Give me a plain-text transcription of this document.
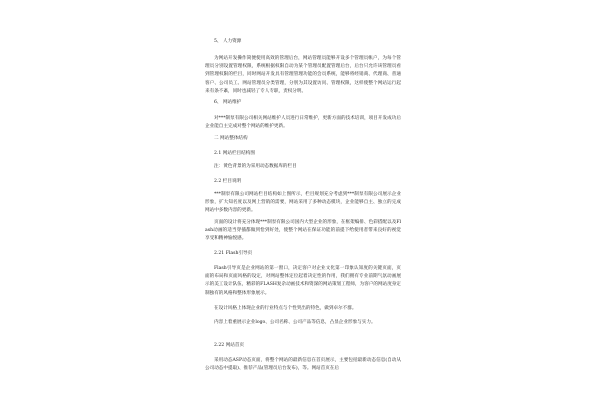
5、 人力资源
为网站开发操作简便使用高效的管理后台，网站管理员能够开设多个管理员帐户，为每个管理员分别设置管理权限，系统根据权限自动为某个管理员配置管理后台，后台只允许该管理员看到管理权限的栏目，同时网站开发具有管理管理功能的会员系统，能够将经销商、代理商、普通客户、公司员工、网站管理员分类管理，分别为其设置访问、管理权限，这样使整个网站运行起来有条不紊，同时也减轻了专人专职，责权分明。
6、 网站维护
对***制泵有限公司相关网站维护人员进行日常维护，更新方面的技术培训，项目开发成功后企业能自主完成对整个网站的维护更新。
二 网站整体结构
2.1 网站栏目结构图
注：黄色背景的为采用动态数据库的栏目
2.2 栏目说明
***制泵有限公司网站栏目结构如上图所示，栏目规划充分考虑到***制泵有限公司展示企业形象，扩大知名度以及网上营销的需要，网站采用了多种动态模块，企业能够自主、独立的完成网站中多数内容的更新。
页面的设计将充分体现***制泵有限公司国内大型企业的形象，在框架编排、色彩搭配以及Flash动画的适当穿插都做到恰到好处，使整个网站在保证功能的前提下给使用者带来良好的视觉享受和精神愉悦感。
2.21 Flash引导页
Flash引导页是企业网站的第一窗口，决定客户对企业文化第一印象认知度的关键页面，页面的布局和页面风格的设定，对网站整体定位起着决定性的作用，我们拥有专业前期气氛动画展示的美工设计队伍，精彩的FLASH复杂动画技术和资深的网站策划工程师，为客户的网站度身定制独有的风格和整体形象展示。
在设计风格上体现企业的行业特点与个性突出的特色，做到卓尔不群。
内容上着重展示企业logo、公司名称、公司产品等信息，凸显企业形象与实力。
2.22 网站首页
采用动态ASP动态页面，将整个网站的最新信息在首页展示，主要包括最新动态信息(自动从公司动态中提取)、推荐产品(管理员后台发布)，等。网站首页在后
